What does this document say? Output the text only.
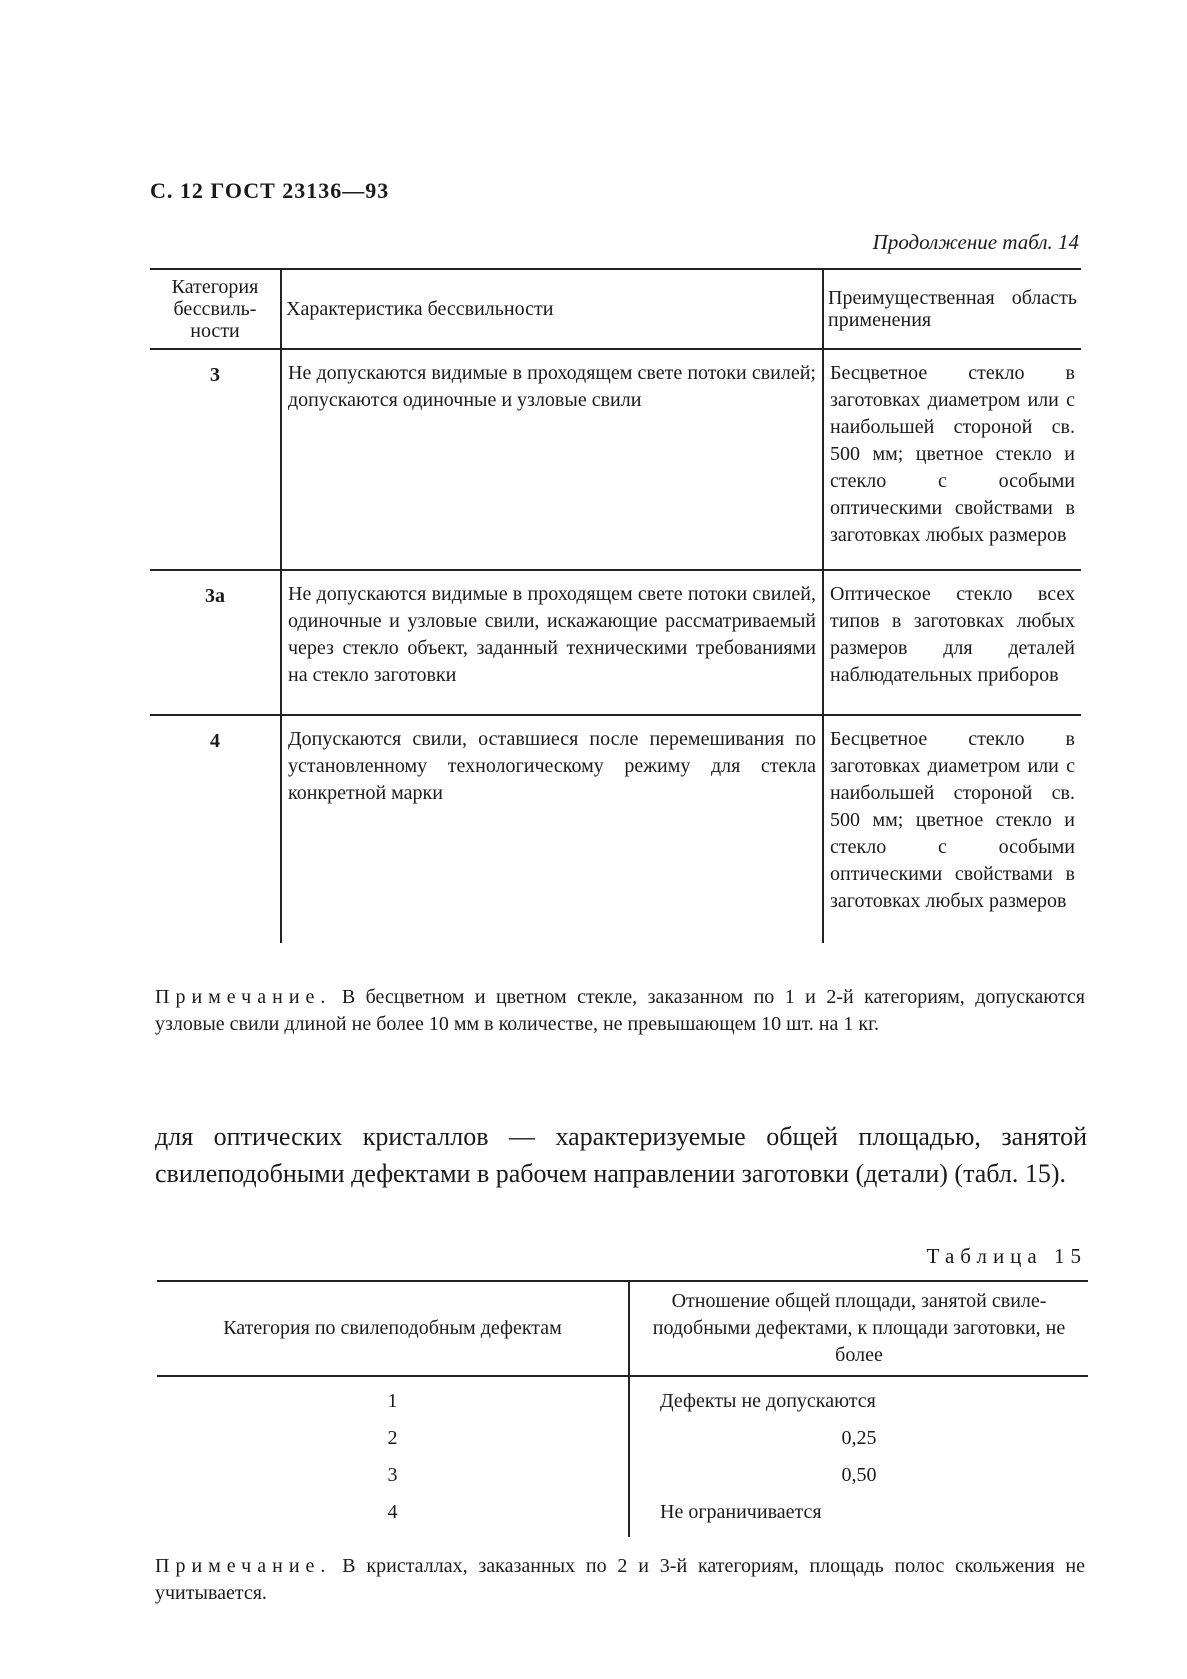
С. 12 ГОСТ 23136—93
Продолжение табл. 14
Категория бессвиль-ности	Характеристика бессвильности	Преимущественная область применения
3	Не допускаются видимые в проходящем свете потоки свилей; допускаются одиночные и узловые свили	Бесцветное стекло в заготовках диаметром или с наибольшей стороной св. 500 мм; цветное стекло и стекло с особыми оптическими свойствами в заготовках любых размеров
3а	Не допускаются видимые в проходящем свете потоки свилей, одиночные и узловые свили, искажающие рассматриваемый через стекло объект, заданный техническими требованиями на стекло заготовки	Оптическое стекло всех типов в заготовках любых размеров для деталей наблюдательных приборов
4	Допускаются свили, оставшиеся после перемешивания по установленному технологическому режиму для стекла конкретной марки	Бесцветное стекло в заготовках диаметром или с наибольшей стороной св. 500 мм; цветное стекло и стекло с особыми оптическими свойствами в заготовках любых размеров
Примечание. В бесцветном и цветном стекле, заказанном по 1 и 2-й категориям, допускаются узловые свили длиной не более 10 мм в количестве, не превышающем 10 шт. на 1 кг.
для оптических кристаллов — характеризуемые общей площадью, занятой свилеподобными дефектами в рабочем направлении заготовки (детали) (табл. 15).
Таблица 15
Категория по свилеподобным дефектам	Отношение общей площади, занятой свиле-подобными дефектами, к площади заготовки, не более
1	Дефекты не допускаются
2	0,25
3	0,50
4	Не ограничивается
Примечание. В кристаллах, заказанных по 2 и 3-й категориям, площадь полос скольжения не учитывается.
